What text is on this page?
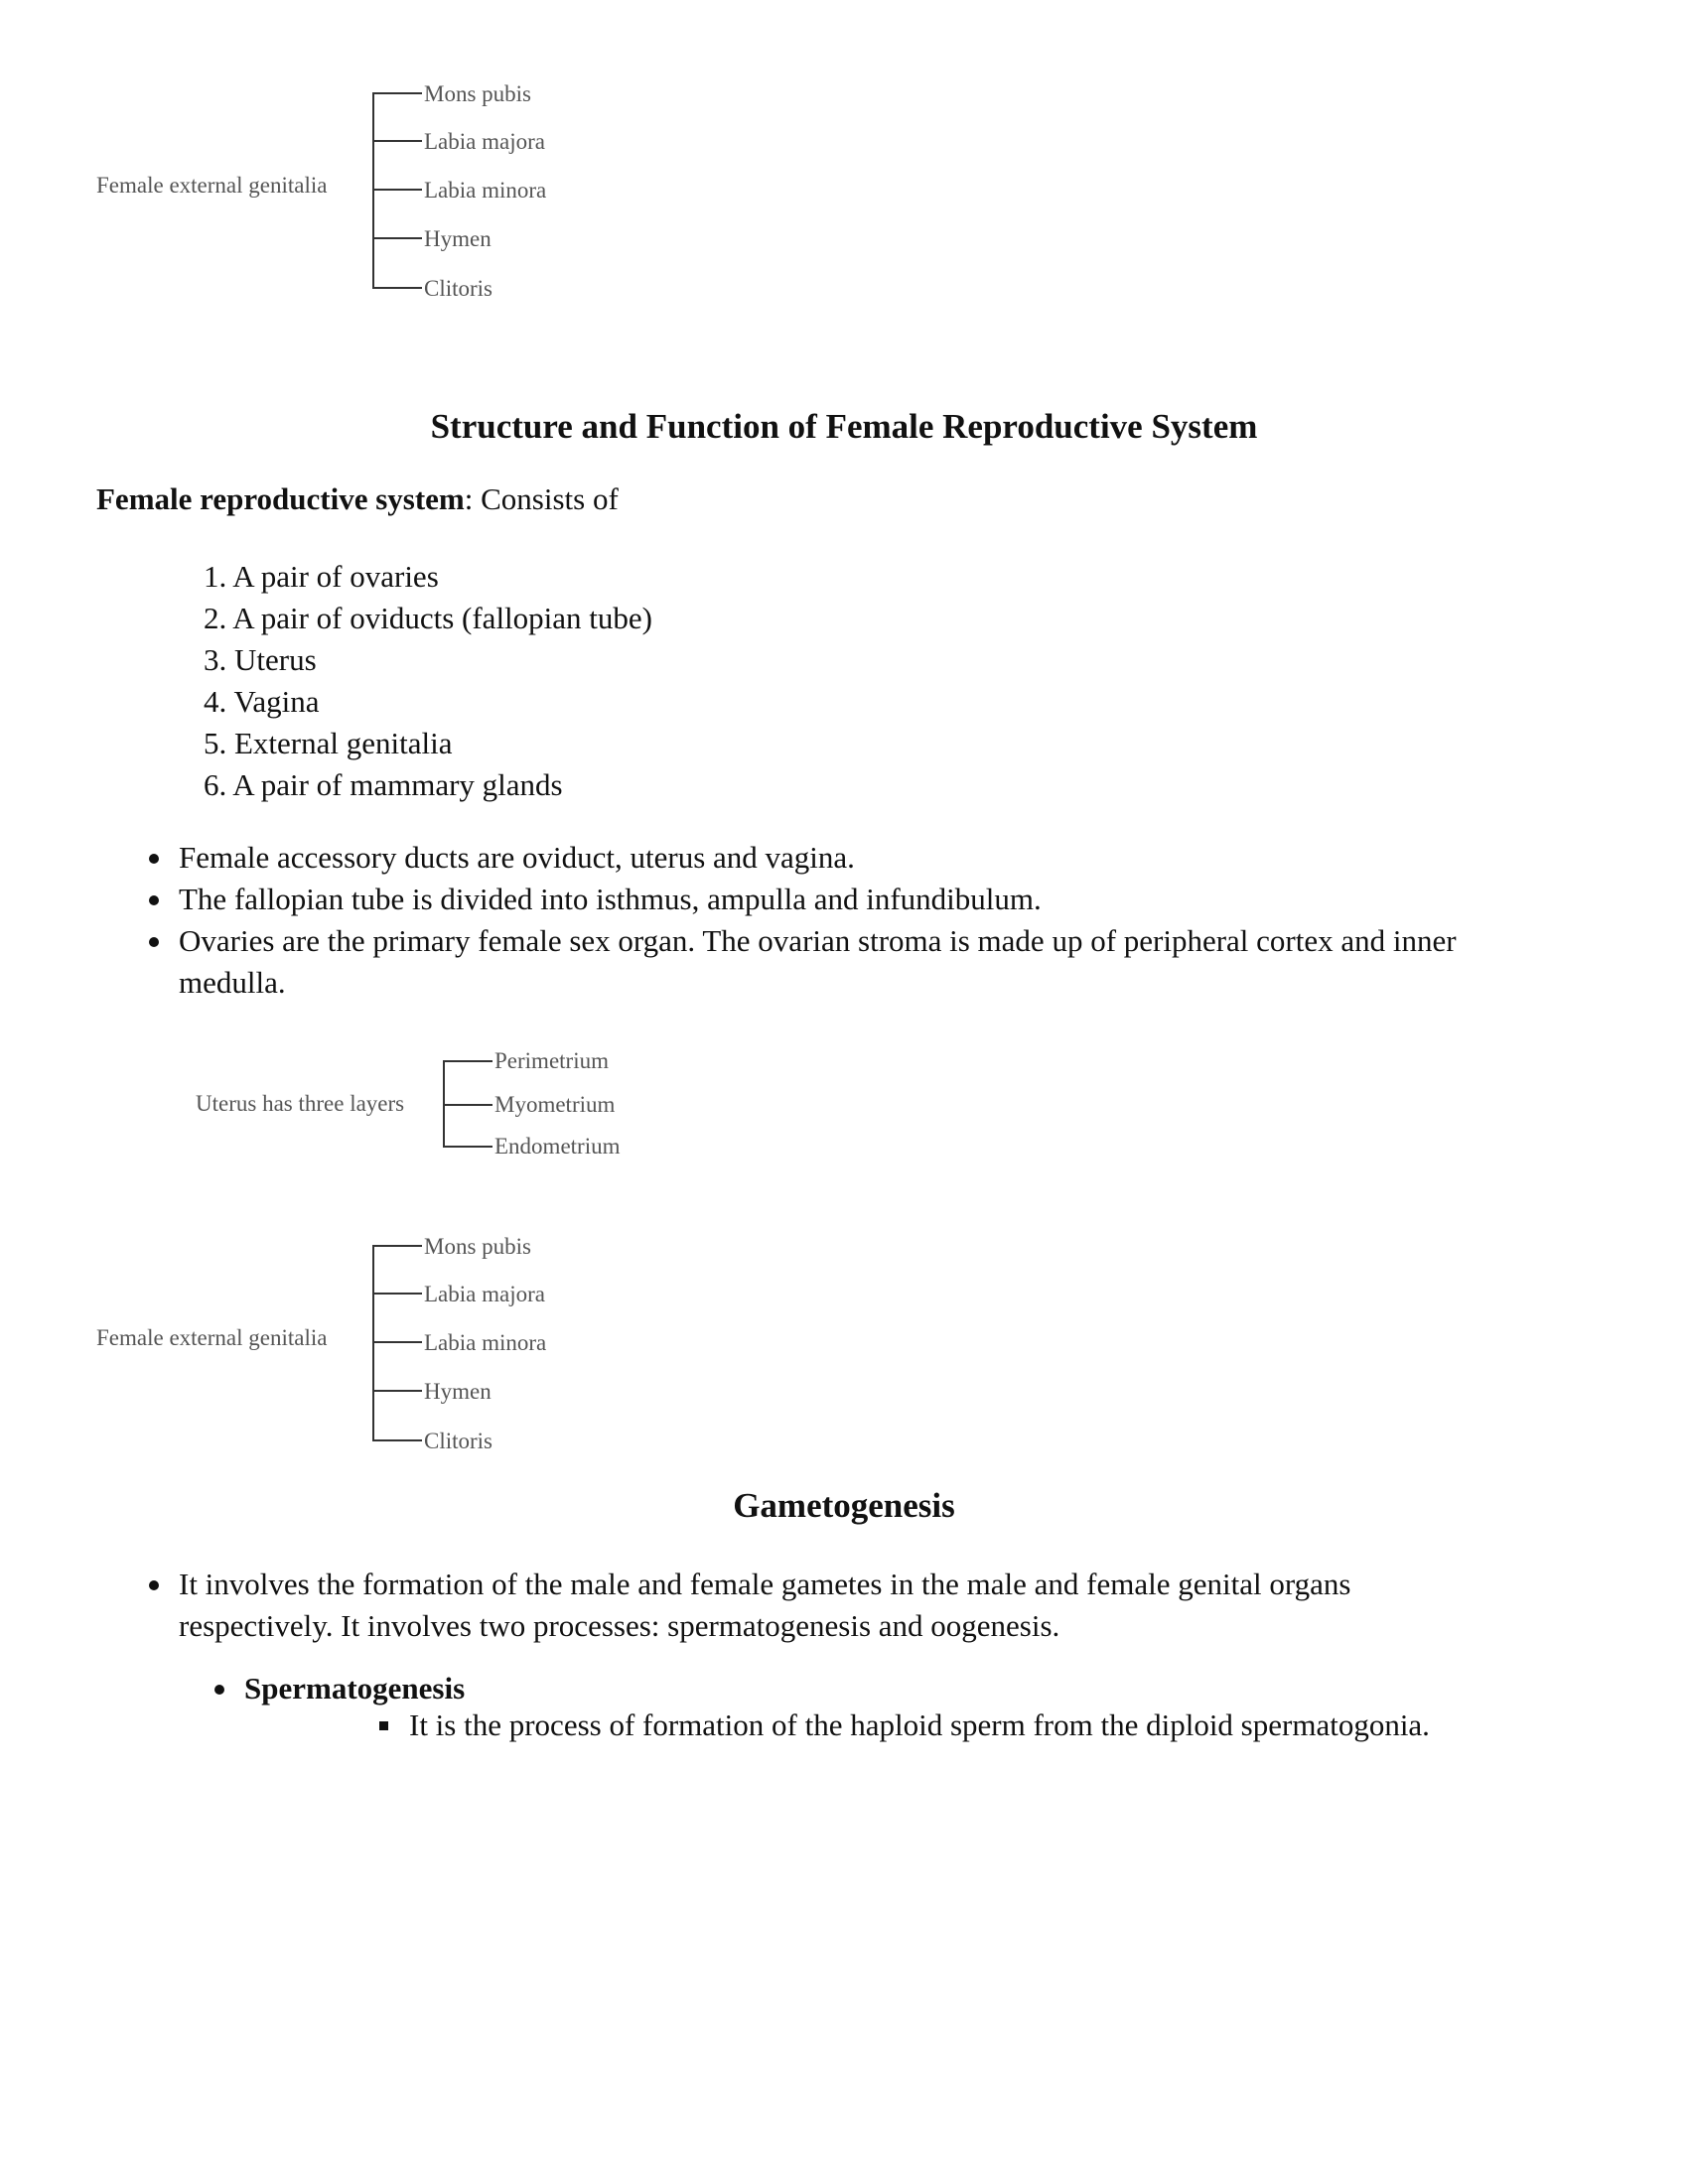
Female external genitalia
Mons pubis
Labia majora
Labia minora
Hymen
Clitoris
Structure and Function of Female Reproductive System
Female reproductive system: Consists of
1. A pair of ovaries
2. A pair of oviducts (fallopian tube)
3. Uterus
4. Vagina
5. External genitalia
6. A pair of mammary glands
Female accessory ducts are oviduct, uterus and vagina.
The fallopian tube is divided into isthmus, ampulla and infundibulum.
Ovaries are the primary female sex organ. The ovarian stroma is made up of peripheral cortex and inner medulla.
Uterus has three layers
Perimetrium
Myometrium
Endometrium
Female external genitalia
Mons pubis
Labia majora
Labia minora
Hymen
Clitoris
Gametogenesis
It involves the formation of the male and female gametes in the male and female genital organs respectively. It involves two processes: spermatogenesis and oogenesis.
Spermatogenesis
It is the process of formation of the haploid sperm from the diploid spermatogonia.
